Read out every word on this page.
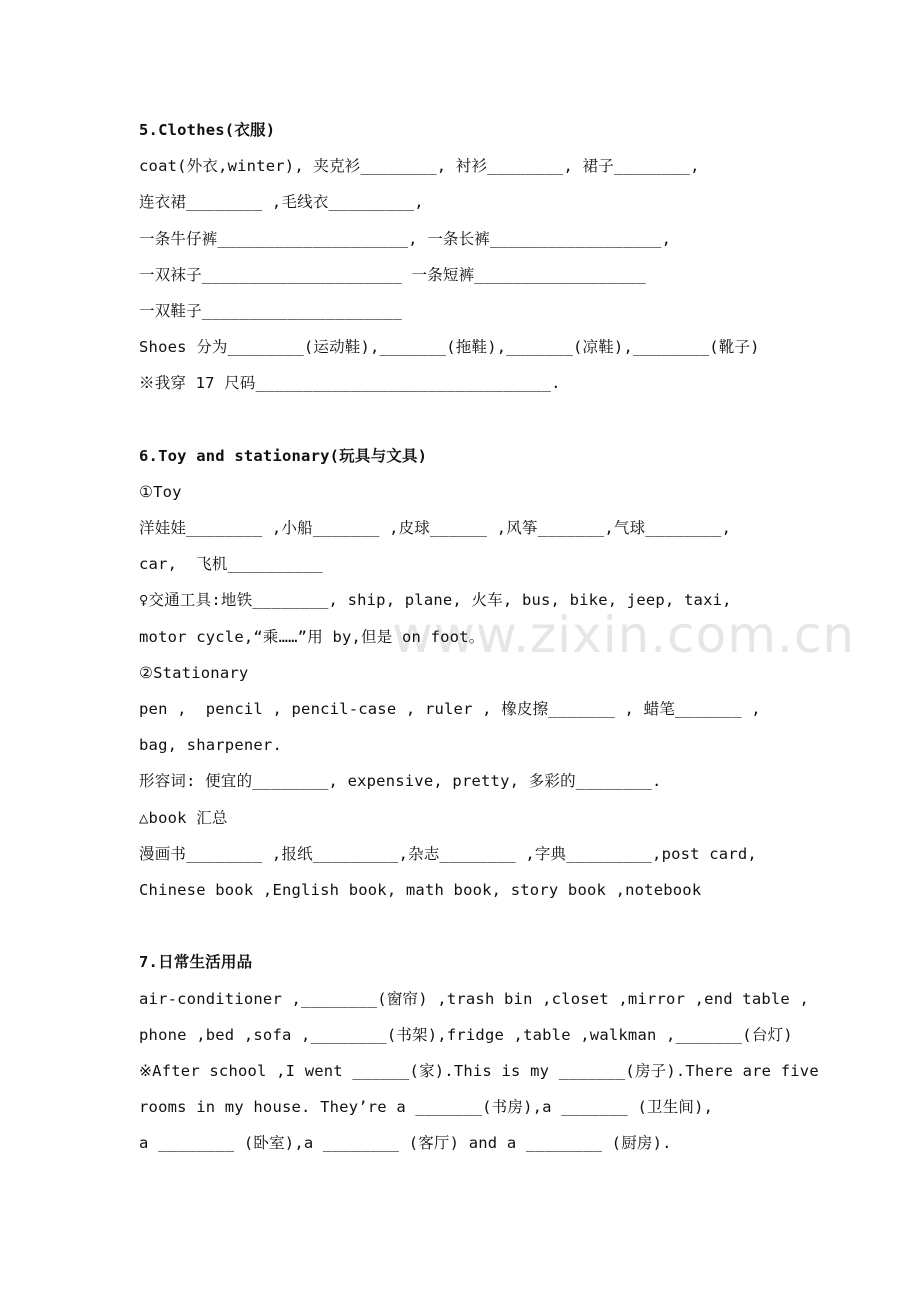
www.zixin.com.cn
5.Clothes(衣服)
coat(外衣,winter), 夹克衫________, 衬衫________, 裙子________,
连衣裙________ ,毛线衣_________,
一条牛仔裤____________________, 一条长裤__________________,
一双袜子_____________________ 一条短裤__________________
一双鞋子_____________________
Shoes 分为________(运动鞋),_______(拖鞋),_______(凉鞋),________(靴子)
※我穿 17 尺码_______________________________.
6.Toy and stationary(玩具与文具)
①Toy
洋娃娃________ ,小船_______ ,皮球______ ,风筝_______,气球________,
car,  飞机__________
♀交通工具:地铁________, ship, plane, 火车, bus, bike, jeep, taxi,
motor cycle,“乘……”用 by,但是 on foot。
②Stationary
pen ,  pencil , pencil-case , ruler , 橡皮擦_______ , 蜡笔_______ ,
bag, sharpener.
形容词: 便宜的________, expensive, pretty, 多彩的________.
△book 汇总
漫画书________ ,报纸_________,杂志________ ,字典_________,post card,
Chinese book ,English book, math book, story book ,notebook
7.日常生活用品
air-conditioner ,________(窗帘) ,trash bin ,closet ,mirror ,end table ,
phone ,bed ,sofa ,________(书架),fridge ,table ,walkman ,_______(台灯)
※After school ,I went ______(家).This is my _______(房子).There are five
rooms in my house. They’re a _______(书房),a _______ (卫生间),
a ________ (卧室),a ________ (客厅) and a ________ (厨房).
